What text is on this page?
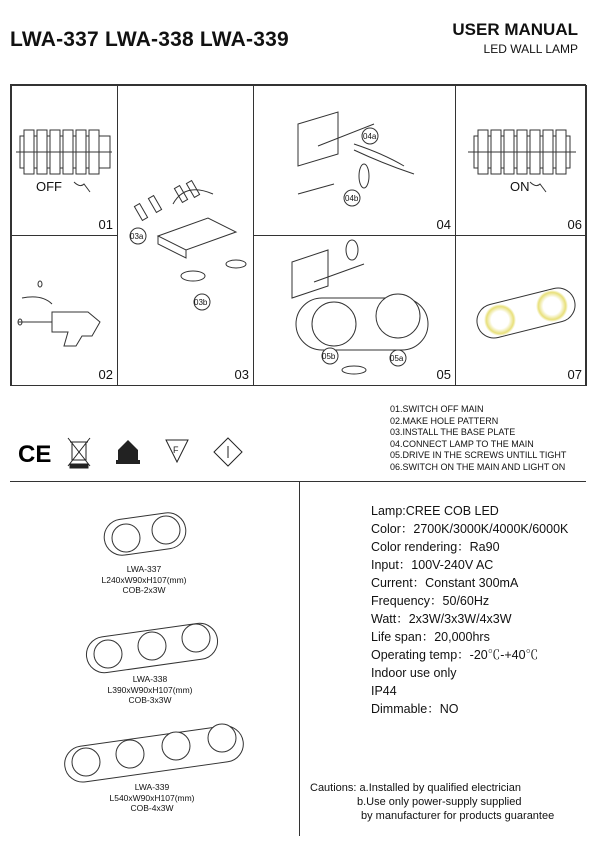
LWA-337 LWA-338 LWA-339	USER MANUAL
LED WALL LAMP
OFF
01
02
03a
03b
03
04a
04b
04
05b	05a
05
ON
06
07
01.SWITCH OFF MAIN
02.MAKE HOLE PATTERN
03.INSTALL THE BASE PLATE
04.CONNECT LAMP TO THE MAIN
05.DRIVE IN THE SCREWS UNTILL TIGHT
06.SWITCH ON THE MAIN AND LIGHT ON
CE	F
LWA-337
L240xW90xH107(mm)
COB-2x3W
LWA-338
L390xW90xH107(mm)
COB-3x3W
LWA-339
L540xW90xH107(mm)
COB-4x3W
Lamp:CREE COB LED
Color：2700K/3000K/4000K/6000K
Color rendering：Ra90
Input：100V-240V AC
Current：Constant 300mA
Frequency：50/60Hz
Watt：2x3W/3x3W/4x3W
Life span：20,000hrs
Operating temp：-20℃-+40℃
Indoor use only
IP44
Dimmable：NO
Cautions: a.Installed by qualified electrician
b.Use only power-supply supplied
by manufacturer for products guarantee
